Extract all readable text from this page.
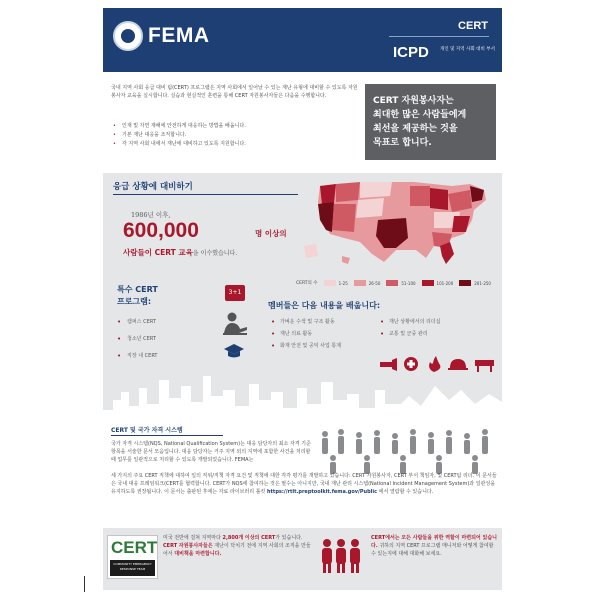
FEMA	CERT
ICPD 개인 및 지역 사회 대비 부서

국내 지역 사회 응급 대비 팀(CERT) 프로그램은 지역 사회에서 일어날 수 있는 재난 유형에 대비할 수 있도록 자원봉사자 교육을 실시합니다. 실습과 현실적인 훈련을 통해 CERT 자원봉사자들은 다음을 수행합니다.

• 인재 및 자연 재해에 안전하게 대응하는 방법을 배웁니다.
• 기본 재난 대응을 조직합니다.
• 각 지역 사회 내에서 재난에 대비하고 있도록 지원합니다.
CERT 자원봉사자는
최대한 많은 사람들에게
최선을 제공하는 것을
목표로 합니다.
응급 상황에 대비하기
1986년 이후,
600,000	명 이상의
사람들이 CERT 교육을 이수했습니다.
CERT의 수	1-25	26-50	51-100	101-200	201-250
특수 CERT
프로그램:
• 캠퍼스 CERT
• 청소년 CERT
• 직장 내 CERT
3+1
멤버들은 다음 내용을 배웁니다:
• 가벼운 수색 및 구조 활동
• 재난 의료 활동
• 화재 안전 및 공익 사업 통제
• 재난 상황에서의 리더십
• 교통 및 군중 관리
CERT 및 국가 자격 시스템

국가 자격 시스템(NQS, National Qualification System)는 대응 담당자의 최소 자격 기준 항목을 서술한 문서 모음입니다. 대응 담당자는 거주 지역 외의 지역에 포함한 사건을 처리할 때 업무를 일관적으로 처리할 수 있도록 개발되었습니다. FEMA는

세 가지의 주요 CERT 직책에 대하여 일의 직위/직책 자격 요건 및 직책에 대한 각각 평가를 개발하고 있습니다: CERT 자원봉사자, CERT 부서 책임자, 및 CERT팀 리더. 이 문서들은 국내 대응 프레임워크(CERT를 협력합니다. CERT가 NQS에 참여하는 것은 필수는 아니지만, 국내 재난 관리 시스템(National Incident Management System)과 일관성을 유지하도록 권장됩니다. 이 문서는 출판된 후에는 자료 라이브러리 툴킷 https://rtlt.preptoolkit.fema.gov/Public 에서 열람할 수 있습니다.

CERT
COMMUNITY EMERGENCY RESPONSE TEAM

미국 전반에 걸쳐 지역마다 2,800개 이상의 CERT가 있습니다. CERT 자원봉사자들은 재난이 닥치기 전에 지역 사회의 조직을 만들어서 대비책을 마련합니다.

CERT에서는 모든 사람들을 위한 역할이 마련되어 있습니다. 귀하의 지역 CERT 프로그램 매니저와 어떻게 참여할 수 있는지에 대해 대화해 보세요.
